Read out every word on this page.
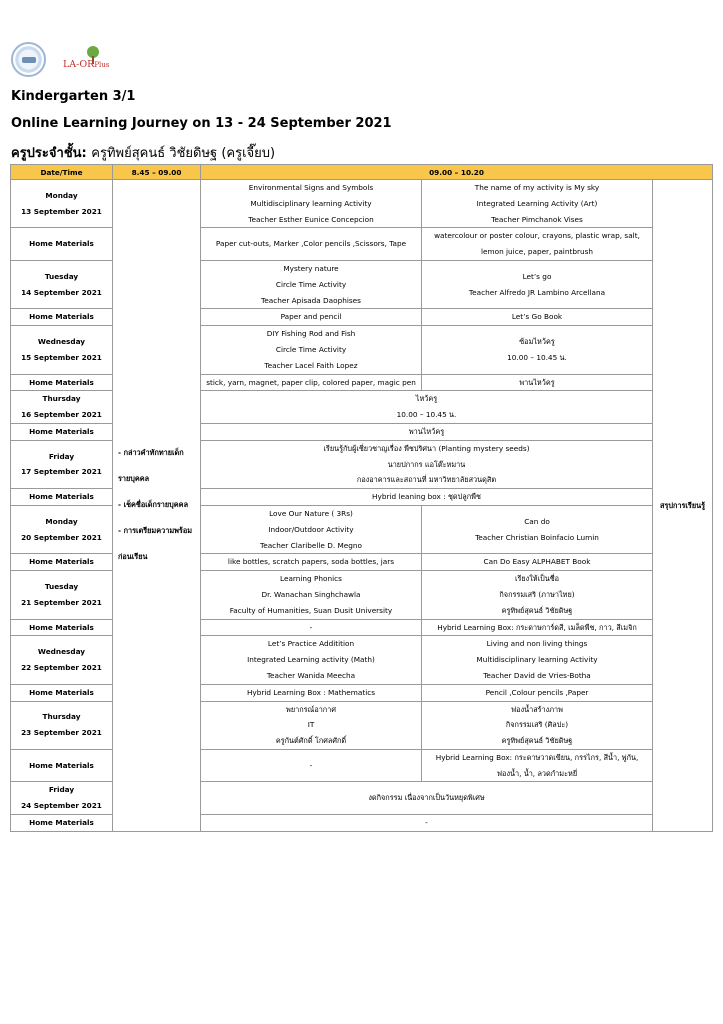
LA-ORPlus
Kindergarten 3/1
Online Learning Journey on 13 - 24 September 2021
ครูประจำชั้น: ครูทิพย์สุคนธ์ วิชัยดิษฐ (ครูเจี๊ยบ)
Date/Time	8.45 – 09.00	09.00 – 10.20		

Monday
13 September 2021	- กล่าวคำทักทายเด็ก
รายบุคคล
- เช็คชื่อเด็กรายบุคคล
- การเตรียมความพร้อม
ก่อนเรียน	Environmental Signs and Symbols
Multidisciplinary learning Activity
Teacher Esther Eunice Concepcion	The name of my activity is My sky
Integrated Learning Activity (Art)
Teacher Pimchanok Vises	สรุปการเรียนรู้
Home Materials		Paper cut-outs, Marker ,Color pencils ,Scissors, Tape	watercolour or poster colour, crayons, plastic wrap, salt,
lemon juice, paper, paintbrush	

Tuesday
14 September 2021		Mystery nature
Circle Time Activity
Teacher Apisada Daophises	Let’s go
Teacher Alfredo JR Lambino Arcellana	

Home Materials		Paper and pencil	Let’s Go Book	

Wednesday
15 September 2021		DIY Fishing Rod and Fish
Circle Time Activity
Teacher Lacel Faith Lopez	ซ้อมไหว้ครู
10.00 – 10.45 น.	

Home Materials		stick, yarn, magnet, paper clip, colored paper, magic pen	พานไหว้ครู	

Thursday
16 September 2021		ไหว้ครู
10.00 – 10.45 น.		

Home Materials		พานไหว้ครู		

Friday
17 September 2021		เรียนรู้กับผู้เชี่ยวชาญเรื่อง พืชปริศนา (Planting mystery seeds)
นายปกากร แอโต๊ะหมาน
กองอาคารและสถานที่ มหาวิทยาลัยสวนดุสิต		

Home Materials		Hybrid leaning box : ชุดปลูกพืช		

Monday
20 September 2021		Love Our Nature ( 3Rs)
Indoor/Outdoor Activity
Teacher Claribelle D. Megno	Can do
Teacher Christian Boinfacio Lumin	

Home Materials		like bottles, scratch papers, soda bottles, jars	Can Do Easy ALPHABET Book	

Tuesday
21 September 2021		Learning Phonics
Dr. Wanachan Singhchawla
Faculty of Humanities, Suan Dusit University	เรียงให้เป็นชื่อ
กิจกรรมเสริ (ภาษาไทย)
ครูทิพย์สุคนธ์ วิชัยดิษฐ	

Home Materials		-	Hybrid Learning Box: กระดาษการ์ดสี, เมล็ดพืช, กาว, สีเมจิก	

Wednesday
22 September 2021		Let’s Practice Additition
Integrated Learning activity (Math)
Teacher Wanida Meecha	Living and non living things
Multidisciplinary learning Activity
Teacher David de Vries-Botha	

Home Materials		Hybrid Learning Box : Mathematics	Pencil ,Colour pencils ,Paper	

Thursday
23 September 2021		พยากรณ์อากาศ
IT
ครูกันต์ศักดิ์ โกศลศักดิ์	ฟองน้ำสร้างภาพ
กิจกรรมเสริ (ศิลปะ)
ครูทิพย์สุคนธ์ วิชัยดิษฐ	

Home Materials		-	Hybrid Learning Box: กระดาษวาดเขียน, กรรไกร, สีน้ำ, พู่กัน,
ฟองน้ำ, น้ำ, ลวดกำมะหยี่	

Friday
24 September 2021		งดกิจกรรม เนื่องจากเป็นวันหยุดพิเศษ		

Home Materials		-		
